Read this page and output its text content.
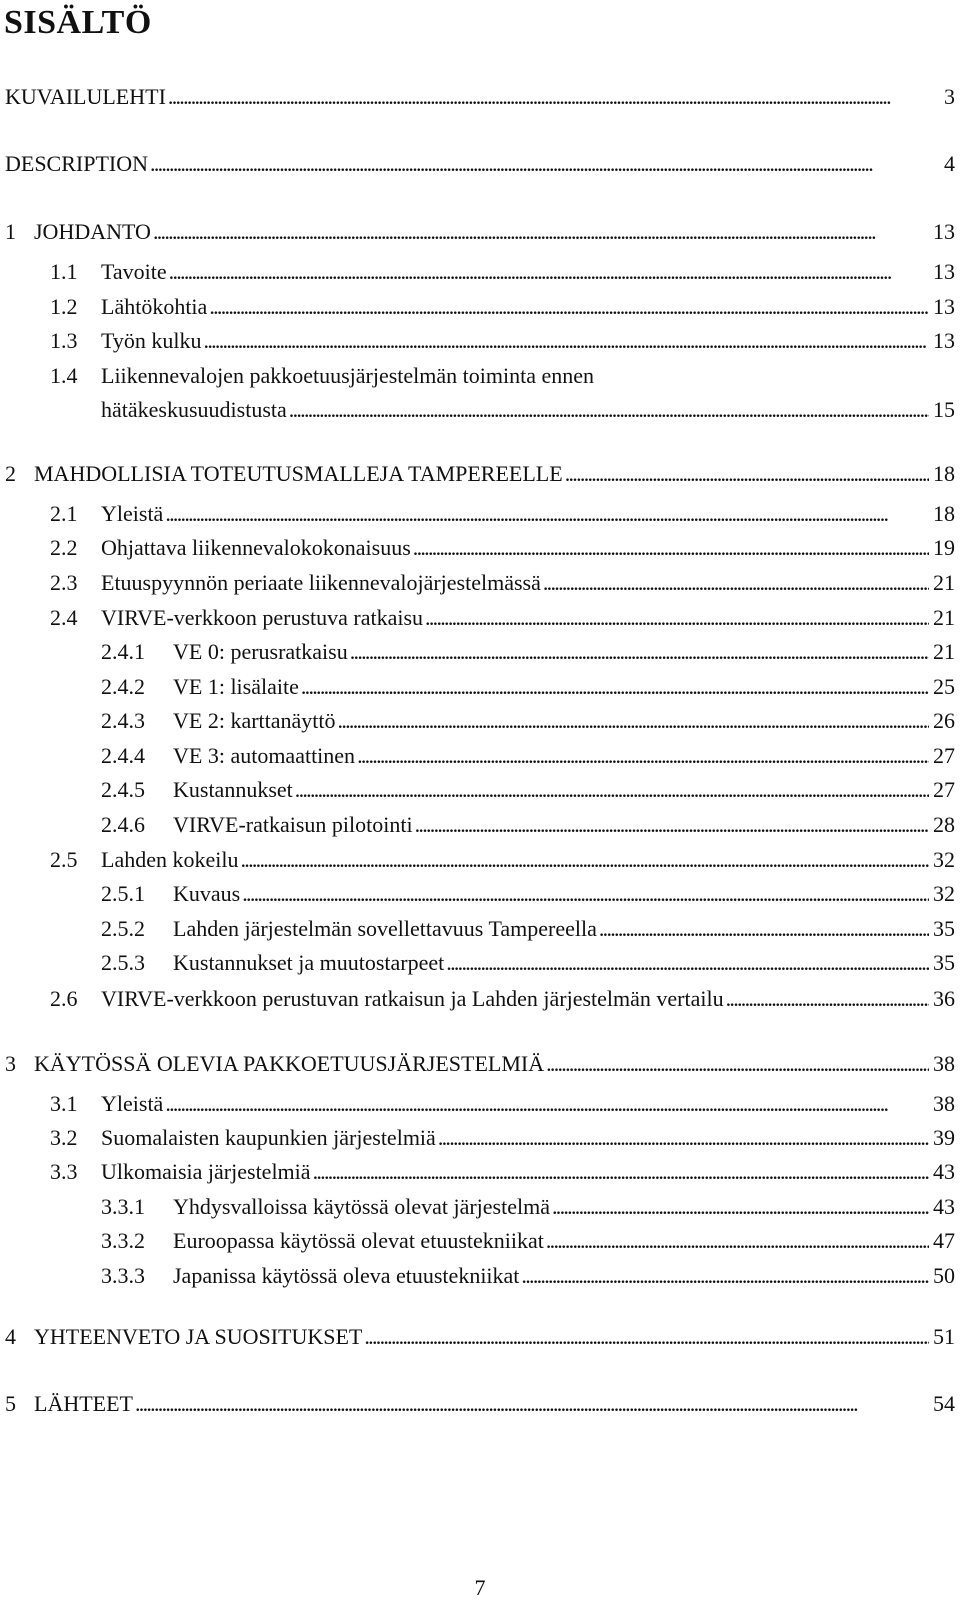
SISÄLTÖ
KUVAILULEHTI . . .	3
DESCRIPTION . . .	4
1 JOHDANTO . . .	13
1.1 Tavoite . . .	13
1.2 Lähtökohtia . . .	13
1.3 Työn kulku . . .	13
1.4 Liikennevalojen pakkoetuusjärjestelmän toiminta ennen
hätäkeskusuudistusta . . .	15
2 MAHDOLLISIA TOTEUTUSMALLEJA TAMPEREELLE . . .	18
2.1 Yleistä . . .	18
2.2 Ohjattava liikennevalokokonaisuus . . .	19
2.3 Etuuspyynnön periaate liikennevalojärjestelmässä . . .	21
2.4 VIRVE-verkkoon perustuva ratkaisu . . .	21
2.4.1 VE 0: perusratkaisu . . .	21
2.4.2 VE 1: lisälaite . . .	25
2.4.3 VE 2: karttanäyttö . . .	26
2.4.4 VE 3: automaattinen . . .	27
2.4.5 Kustannukset . . .	27
2.4.6 VIRVE-ratkaisun pilotointi . . .	28
2.5 Lahden kokeilu . . .	32
2.5.1 Kuvaus . . .	32
2.5.2 Lahden järjestelmän sovellettavuus Tampereella . . .	35
2.5.3 Kustannukset ja muutostarpeet . . .	35
2.6 VIRVE-verkkoon perustuvan ratkaisun ja Lahden järjestelmän vertailu . . .	36
3 KÄYTÖSSÄ OLEVIA PAKKOETUUSJÄRJESTELMIÄ . . .	38
3.1 Yleistä . . .	38
3.2 Suomalaisten kaupunkien järjestelmiä . . .	39
3.3 Ulkomaisia järjestelmiä . . .	43
3.3.1 Yhdysvalloissa käytössä olevat järjestelmä . . .	43
3.3.2 Euroopassa käytössä olevat etuustekniikat . . .	47
3.3.3 Japanissa käytössä oleva etuustekniikat . . .	50
4 YHTEENVETO JA SUOSITUKSET . . .	51
5 LÄHTEET . . .	54
7
